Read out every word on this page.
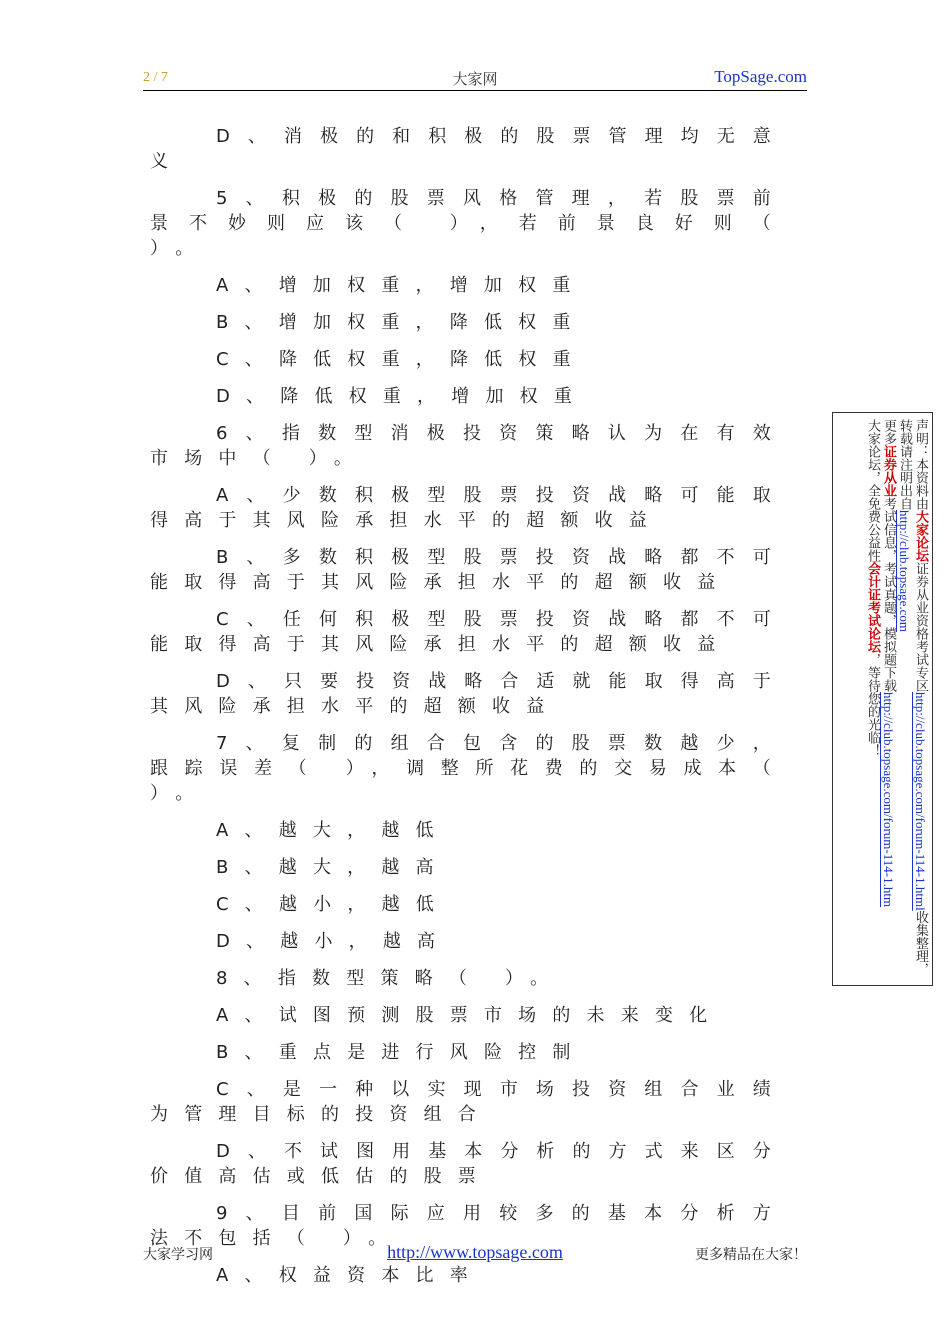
2 / 7	大家网	TopSage.com

D、消极的和积极的股票管理均无意义

5、积极的股票风格管理，若股票前景不妙则应该（ ），若前景良好则（ ）。

A、增加权重，增加权重

B、增加权重，降低权重

C、降低权重，降低权重

D、降低权重，增加权重

6、指数型消极投资策略认为在有效市场中（ ）。

A、少数积极型股票投资战略可能取得高于其风险承担水平的超额收益

B、多数积极型股票投资战略都不可能取得高于其风险承担水平的超额收益

C、任何积极型股票投资战略都不可能取得高于其风险承担水平的超额收益

D、只要投资战略合适就能取得高于其风险承担水平的超额收益

7、复制的组合包含的股票数越少，跟踪误差（ ），调整所花费的交易成本（ ）。

A、越大，越低

B、越大，越高

C、越小，越低

D、越小，越高

8、指数型策略（ ）。

A、试图预测股票市场的未来变化

B、重点是进行风险控制

C、是一种以实现市场投资组合业绩为管理目标的投资组合

D、不试图用基本分析的方式来区分价值高估或低估的股票

9、目前国际应用较多的基本分析方法不包括（ ）。

A、权益资本比率

声明：本资料由大家论坛证券从业资格考试专区http://club.topsage.com/forum-114-1.html收集整理，
转载请注明出自http://club.topsage.com
更多证券从业考试信息，考试真题，模拟题下载http://club.topsage.com/forum-114-1.htm
大家论坛，全免费公益性会计证考试论坛，等待您的光临！
大家学习网	http://www.topsage.com	更多精品在大家！
